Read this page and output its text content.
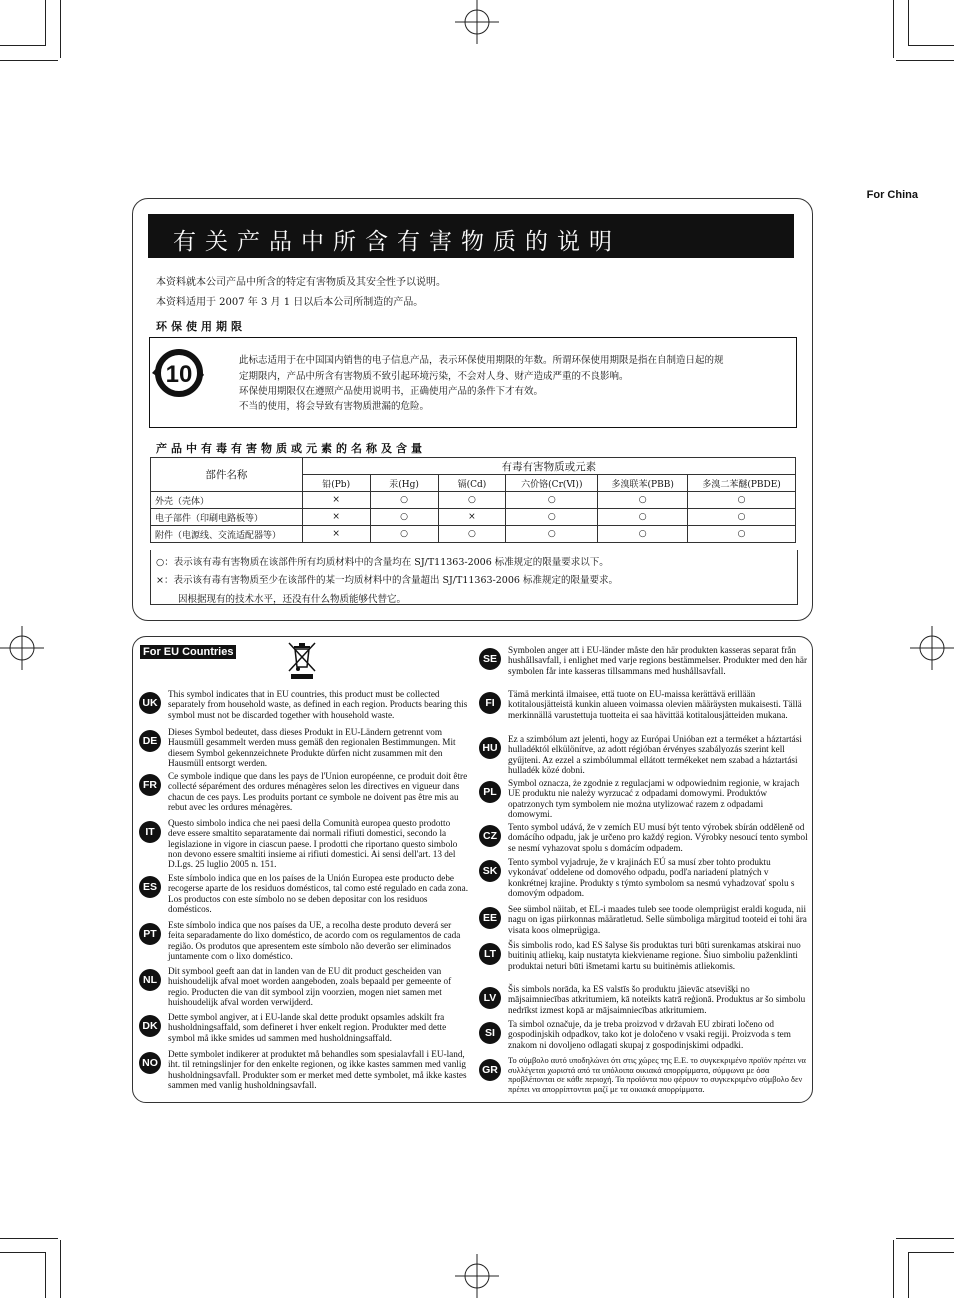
For China
有关产品中所含有害物质的说明
本资料就本公司产品中所含的特定有害物质及其安全性予以说明。
本资料适用于 2007 年 3 月 1 日以后本公司所制造的产品。
环保使用期限
10
此标志适用于在中国国内销售的电子信息产品，表示环保使用期限的年数。所谓环保使用期限是指在自制造日起的规
定期限内，产品中所含有害物质不致引起环境污染，不会对人身、财产造成严重的不良影响。
环保使用期限仅在遵照产品使用说明书，正确使用产品的条件下才有效。
不当的使用，将会导致有害物质泄漏的危险。
产品中有毒有害物质或元素的名称及含量
部件名称	有毒有害物质或元素					
	铅(Pb)	汞(Hg)	镉(Cd)	六价铬(Cr(Ⅵ))	多溴联苯(PBB)	多溴二苯醚(PBDE)
外壳（壳体）	×	○	○	○	○	○
电子部件（印刷电路板等）	×	○	×	○	○	○
附件（电源线、交流适配器等）	×	○	○	○	○	○
○：表示该有毒有害物质在该部件所有均质材料中的含量均在 SJ/T11363-2006 标准规定的限量要求以下。
×：表示该有毒有害物质至少在该部件的某一均质材料中的含量超出 SJ/T11363-2006 标准规定的限量要求。
因根据现有的技术水平，还没有什么物质能够代替它。
For EU Countries
UK
This symbol indicates that in EU countries, this product must be collected separately from household waste, as defined in each region. Products bearing this symbol must not be discarded together with household waste.
DE
Dieses Symbol bedeutet, dass dieses Produkt in EU-Ländern getrennt vom Hausmüll gesammelt werden muss gemäß den regionalen Bestimmungen. Mit diesem Symbol gekennzeichnete Produkte dürfen nicht zusammen mit den Hausmüll entsorgt werden.
FR
Ce symbole indique que dans les pays de l'Union européenne, ce produit doit être collecté séparément des ordures ménagères selon les directives en vigueur dans chacun de ces pays. Les produits portant ce symbole ne doivent pas être mis au rebut avec les ordures ménagères.
IT
Questo simbolo indica che nei paesi della Comunità europea questo prodotto deve essere smaltito separatamente dai normali rifiuti domestici, secondo la legislazione in vigore in ciascun paese. I prodotti che riportano questo simbolo non devono essere smaltiti insieme ai rifiuti domestici. Ai sensi dell'art. 13 del D.Lgs. 25 luglio 2005 n. 151.
ES
Este símbolo indica que en los países de la Unión Europea este producto debe recogerse aparte de los residuos domésticos, tal como esté regulado en cada zona. Los productos con este símbolo no se deben depositar con los residuos domésticos.
PT
Este símbolo indica que nos países da UE, a recolha deste produto deverá ser feita separadamente do lixo doméstico, de acordo com os regulamentos de cada região. Os produtos que apresentem este símbolo não deverão ser eliminados juntamente com o lixo doméstico.
NL
Dit symbool geeft aan dat in landen van de EU dit product gescheiden van huishoudelijk afval moet worden aangeboden, zoals bepaald per gemeente of regio. Producten die van dit symbool zijn voorzien, mogen niet samen met huishoudelijk afval worden verwijderd.
DK
Dette symbol angiver, at i EU-lande skal dette produkt opsamles adskilt fra husholdningsaffald, som defineret i hver enkelt region. Produkter med dette symbol må ikke smides ud sammen med husholdningsaffald.
NO
Dette symbolet indikerer at produktet må behandles som spesialavfall i EU-land, iht. til retningslinjer for den enkelte regionen, og ikke kastes sammen med vanlig husholdningsavfall. Produkter som er merket med dette symbolet, må ikke kastes sammen med vanlig husholdningsavfall.
SE
Symbolen anger att i EU-länder måste den här produkten kasseras separat från hushållsavfall, i enlighet med varje regions bestämmelser. Produkter med den här symbolen får inte kasseras tillsammans med hushållsavfall.
FI
Tämä merkintä ilmaisee, että tuote on EU-maissa kerättävä erillään kotitalousjätteistä kunkin alueen voimassa olevien määräysten mukaisesti. Tällä merkinnällä varustettuja tuotteita ei saa hävittää kotitalousjätteiden mukana.
HU
Ez a szimbólum azt jelenti, hogy az Európai Unióban ezt a terméket a háztartási hulladéktól elkülönítve, az adott régióban érvényes szabályozás szerint kell gyűjteni. Az ezzel a szimbólummal ellátott termékeket nem szabad a háztartási hulladék közé dobni.
PL
Symbol oznacza, że zgodnie z regulacjami w odpowiednim regionie, w krajach UE produktu nie należy wyrzucać z odpadami domowymi. Produktów opatrzonych tym symbolem nie można utylizować razem z odpadami domowymi.
CZ
Tento symbol udává, že v zemích EU musí být tento výrobek sbírán odděleně od domácího odpadu, jak je určeno pro každý region. Výrobky nesoucí tento symbol se nesmí vyhazovat spolu s domácím odpadem.
SK
Tento symbol vyjadruje, že v krajinách EÚ sa musí zber tohto produktu vykonávať oddelene od domového odpadu, podľa nariadení platných v konkrétnej krajine. Produkty s týmto symbolom sa nesmú vyhadzovať spolu s domovým odpadom.
EE
See sümbol näitab, et EL-i maades tuleb see toode olemprügist eraldi koguda, nii nagu on igas piirkonnas määratletud. Selle sümboliga märgitud tooteid ei tohi ära visata koos olmeprügiga.
LT
Šis simbolis rodo, kad ES šalyse šis produktas turi būti surenkamas atskirai nuo buitinių atliekų, kaip nustatyta kiekviename regione. Šiuo simboliu paženklinti produktai neturi būti išmetami kartu su buitinėmis atliekomis.
LV
Šis simbols norāda, ka ES valstīs šo produktu jāievāc atsevišķi no mājsaimniecības atkritumiem, kā noteikts katrā reģionā. Produktus ar šo simbolu nedrīkst izmest kopā ar mājsaimniecības atkritumiem.
SI
Ta simbol označuje, da je treba proizvod v državah EU zbirati ločeno od gospodinjskih odpadkov, tako kot je določeno v vsaki regiji. Proizvoda s tem znakom ni dovoljeno odlagati skupaj z gospodinjskimi odpadki.
GR
Το σύμβολο αυτό υποδηλώνει ότι στις χώρες της Ε.Ε. το συγκεκριμένο προϊόν πρέπει να συλλέγεται χωριστά από τα υπόλοιπα οικιακά απορρίμματα, σύμφωνα με όσα προβλέπονται σε κάθε περιοχή. Τα προϊόντα που φέρουν το συγκεκριμένο σύμβολο δεν πρέπει να απορρίπτονται μαζί με τα οικιακά απορρίμματα.
